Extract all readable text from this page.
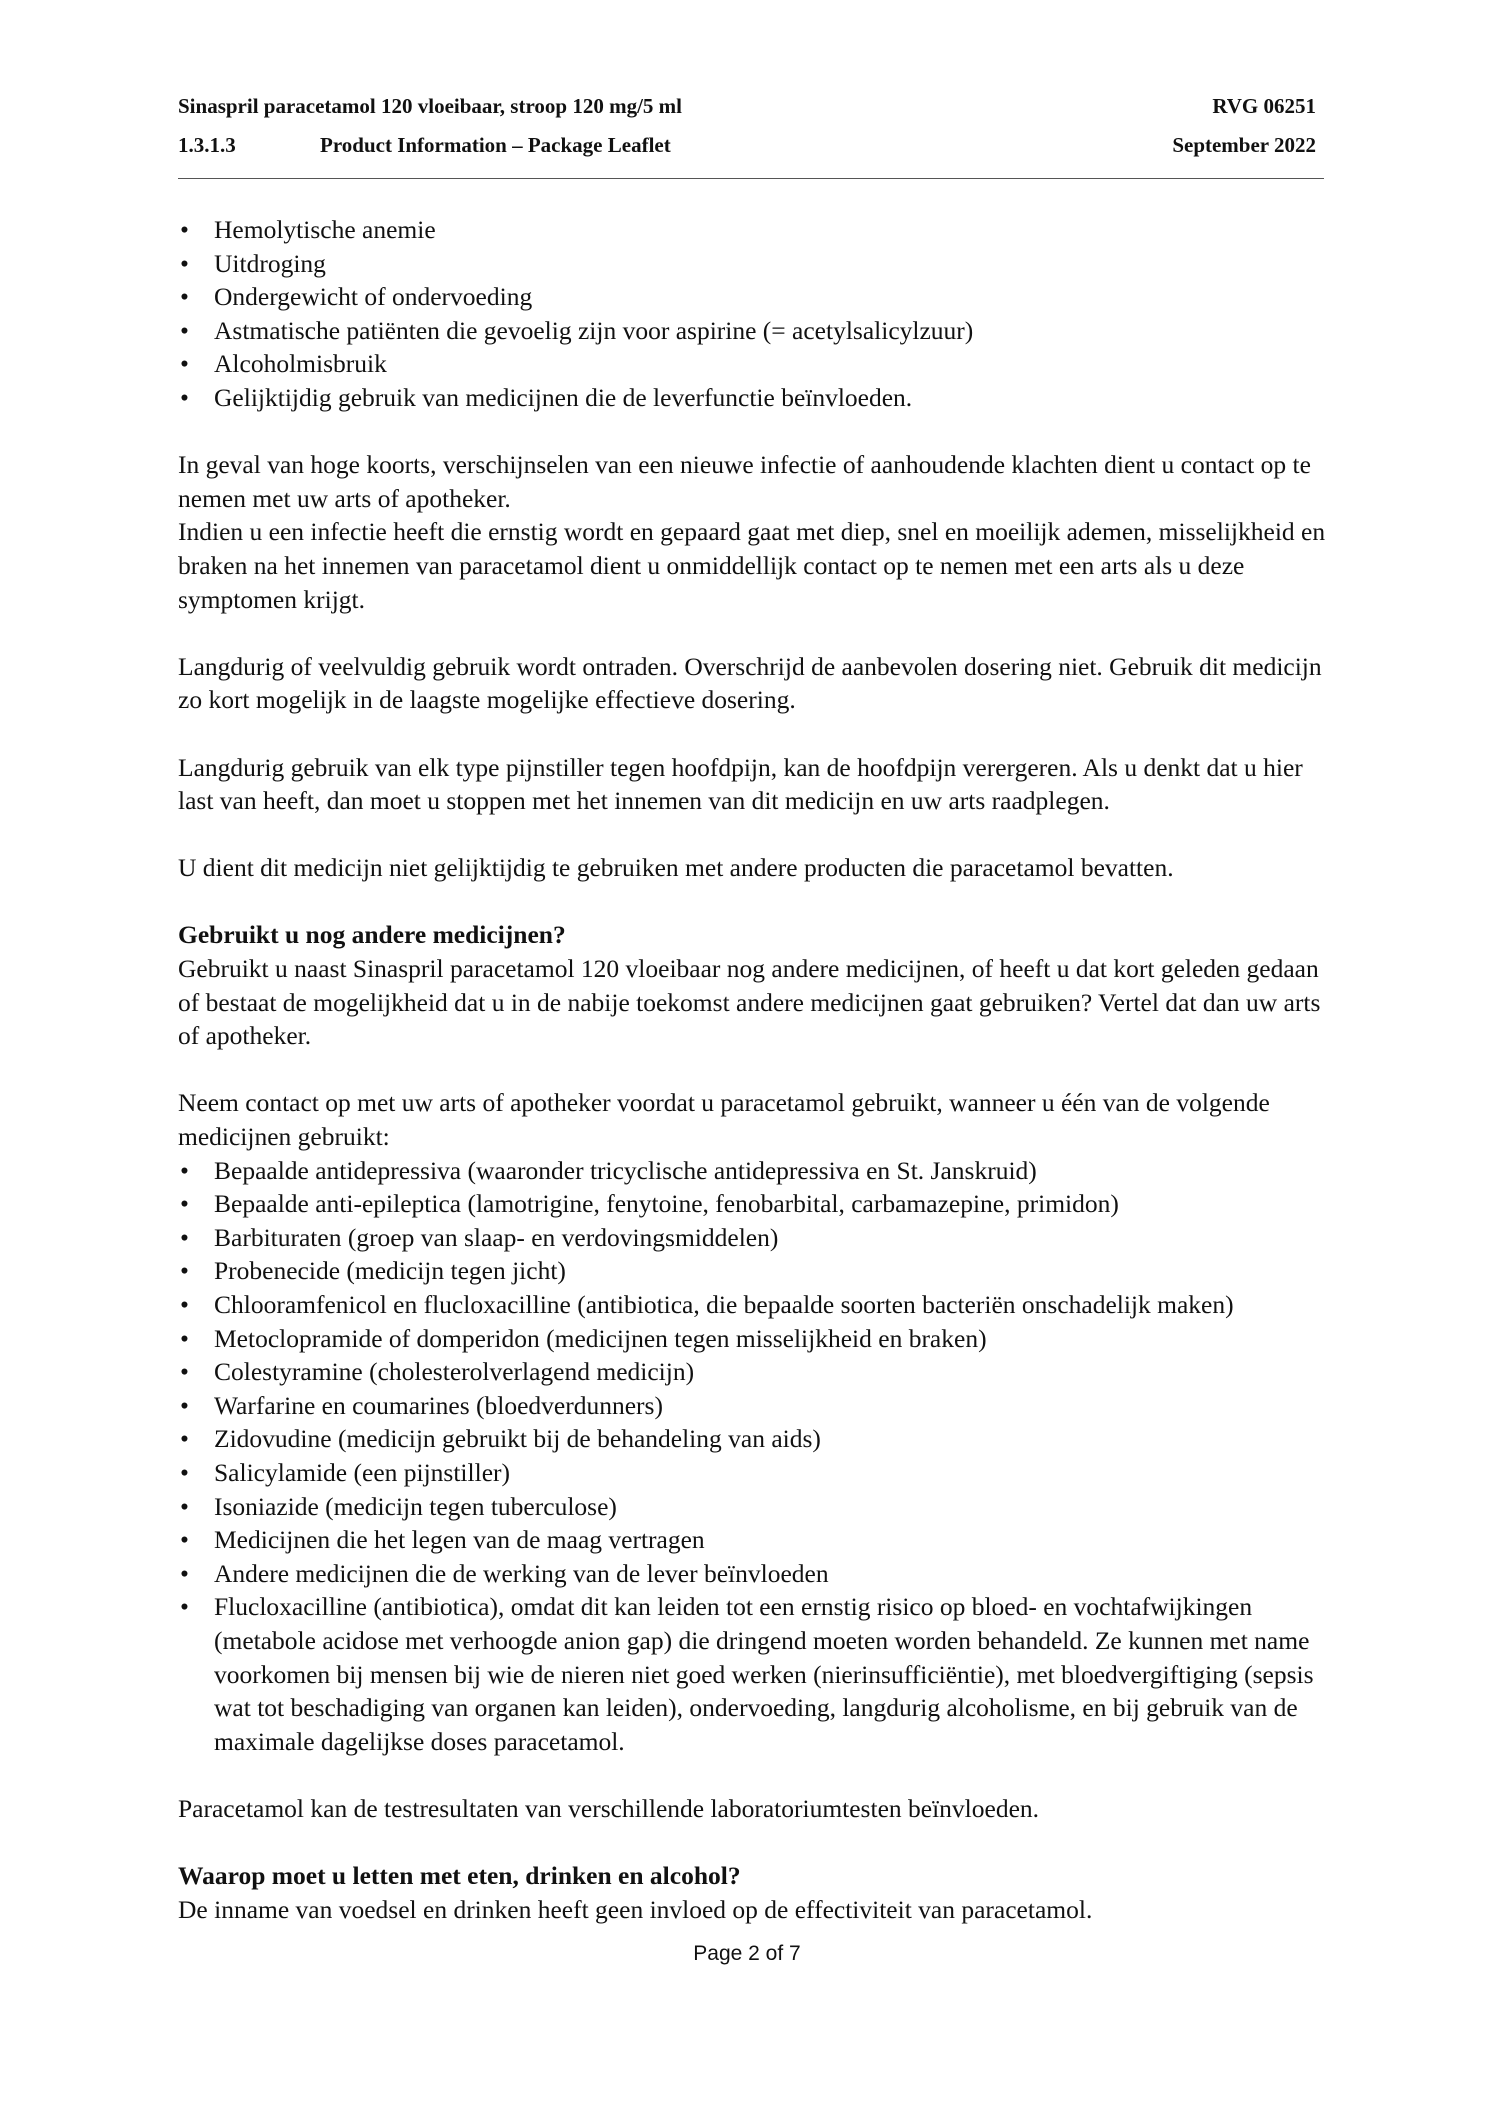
Sinaspril paracetamol 120 vloeibaar, stroop 120 mg/5 ml	RVG 06251
1.3.1.3	Product Information – Package Leaflet	September 2022
• Hemolytische anemie
• Uitdroging
• Ondergewicht of ondervoeding
• Astmatische patiënten die gevoelig zijn voor aspirine (= acetylsalicylzuur)
• Alcoholmisbruik
• Gelijktijdig gebruik van medicijnen die de leverfunctie beïnvloeden.

In geval van hoge koorts, verschijnselen van een nieuwe infectie of aanhoudende klachten dient u contact op te nemen met uw arts of apotheker.

Indien u een infectie heeft die ernstig wordt en gepaard gaat met diep, snel en moeilijk ademen, misselijkheid en braken na het innemen van paracetamol dient u onmiddellijk contact op te nemen met een arts als u deze symptomen krijgt.

Langdurig of veelvuldig gebruik wordt ontraden. Overschrijd de aanbevolen dosering niet. Gebruik dit medicijn zo kort mogelijk in de laagste mogelijke effectieve dosering.

Langdurig gebruik van elk type pijnstiller tegen hoofdpijn, kan de hoofdpijn verergeren. Als u denkt dat u hier last van heeft, dan moet u stoppen met het innemen van dit medicijn en uw arts raadplegen.

U dient dit medicijn niet gelijktijdig te gebruiken met andere producten die paracetamol bevatten.

Gebruikt u nog andere medicijnen?

Gebruikt u naast Sinaspril paracetamol 120 vloeibaar nog andere medicijnen, of heeft u dat kort geleden gedaan of bestaat de mogelijkheid dat u in de nabije toekomst andere medicijnen gaat gebruiken? Vertel dat dan uw arts of apotheker.

Neem contact op met uw arts of apotheker voordat u paracetamol gebruikt, wanneer u één van de volgende medicijnen gebruikt:

• Bepaalde antidepressiva (waaronder tricyclische antidepressiva en St. Janskruid)
• Bepaalde anti-epileptica (lamotrigine, fenytoine, fenobarbital, carbamazepine, primidon)
• Barbituraten (groep van slaap- en verdovingsmiddelen)
• Probenecide (medicijn tegen jicht)
• Chlooramfenicol en flucloxacilline (antibiotica, die bepaalde soorten bacteriën onschadelijk maken)
• Metoclopramide of domperidon (medicijnen tegen misselijkheid en braken)
• Colestyramine (cholesterolverlagend medicijn)
• Warfarine en coumarines (bloedverdunners)
• Zidovudine (medicijn gebruikt bij de behandeling van aids)
• Salicylamide (een pijnstiller)
• Isoniazide (medicijn tegen tuberculose)
• Medicijnen die het legen van de maag vertragen
• Andere medicijnen die de werking van de lever beïnvloeden
• Flucloxacilline (antibiotica), omdat dit kan leiden tot een ernstig risico op bloed- en vochtafwijkingen (metabole acidose met verhoogde anion gap) die dringend moeten worden behandeld. Ze kunnen met name voorkomen bij mensen bij wie de nieren niet goed werken (nierinsufficiëntie), met bloedvergiftiging (sepsis wat tot beschadiging van organen kan leiden), ondervoeding, langdurig alcoholisme, en bij gebruik van de maximale dagelijkse doses paracetamol.

Paracetamol kan de testresultaten van verschillende laboratoriumtesten beïnvloeden.

Waarop moet u letten met eten, drinken en alcohol?

De inname van voedsel en drinken heeft geen invloed op de effectiviteit van paracetamol.

Page 2 of 7
